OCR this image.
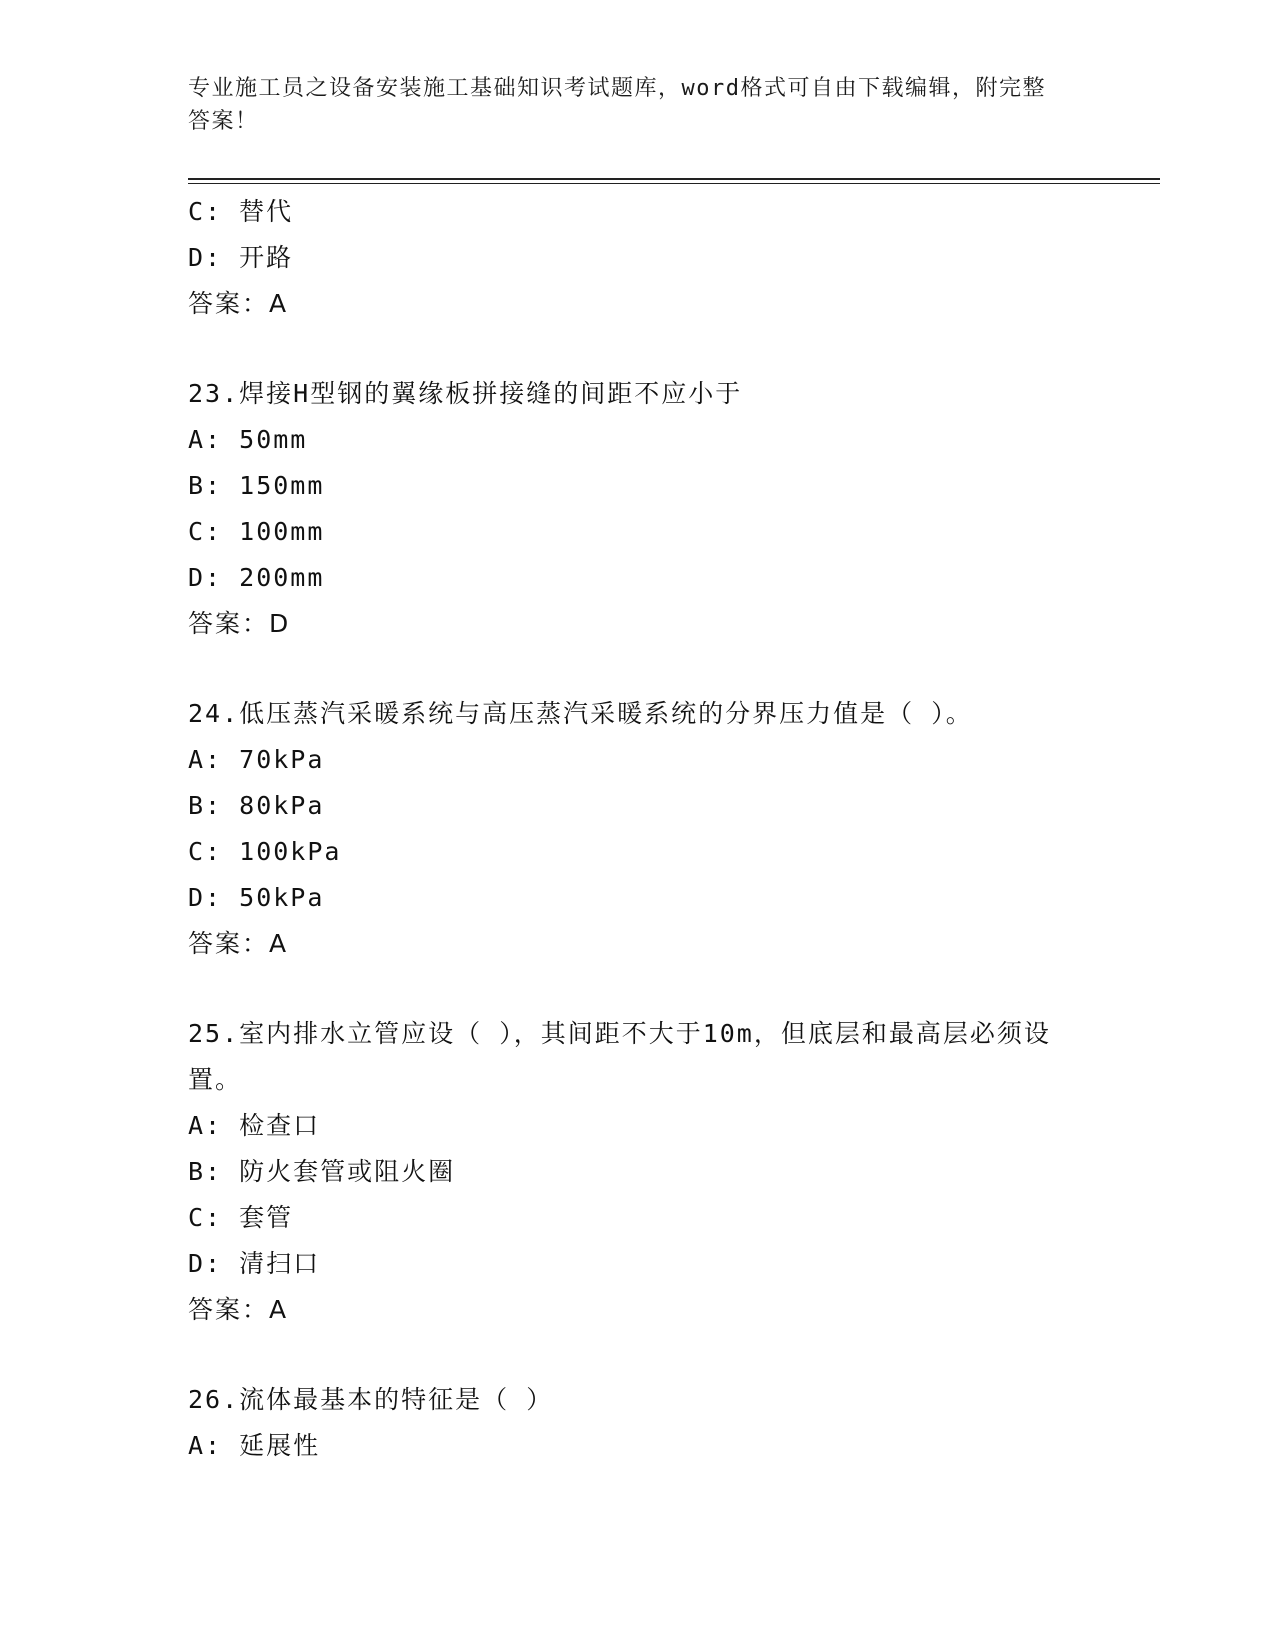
专业施工员之设备安装施工基础知识考试题库，word格式可自由下载编辑，附完整答案！
C: 替代
D: 开路
答案：A
23.焊接H型钢的翼缘板拼接缝的间距不应小于
A: 50mm
B: 150mm
C: 100mm
D: 200mm
答案：D
24.低压蒸汽采暖系统与高压蒸汽采暖系统的分界压力值是（ ）。
A: 70kPa
B: 80kPa
C: 100kPa
D: 50kPa
答案：A
25.室内排水立管应设（ ），其间距不大于10m，但底层和最高层必须设置。
A: 检查口
B: 防火套管或阻火圈
C: 套管
D: 清扫口
答案：A
26.流体最基本的特征是（ ）
A: 延展性
